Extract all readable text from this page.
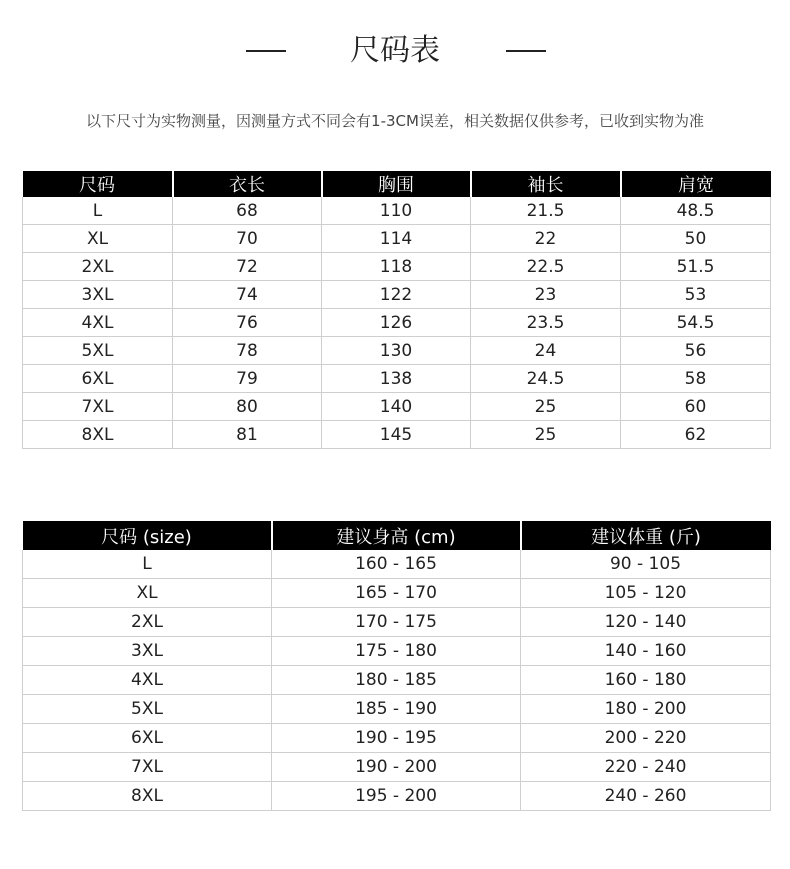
尺码表
以下尺寸为实物测量，因测量方式不同会有1-3CM误差，相关数据仅供参考，已收到实物为准
尺码	衣长	胸围	袖长	肩宽
L	68	110	21.5	48.5
XL	70	114	22	50
2XL	72	118	22.5	51.5
3XL	74	122	23	53
4XL	76	126	23.5	54.5
5XL	78	130	24	56
6XL	79	138	24.5	58
7XL	80	140	25	60
8XL	81	145	25	62
尺码 (size)	建议身高 (cm)	建议体重 (斤)
L	160 - 165	90 - 105
XL	165 - 170	105 - 120
2XL	170 - 175	120 - 140
3XL	175 - 180	140 - 160
4XL	180 - 185	160 - 180
5XL	185 - 190	180 - 200
6XL	190 - 195	200 - 220
7XL	190 - 200	220 - 240
8XL	195 - 200	240 - 260
